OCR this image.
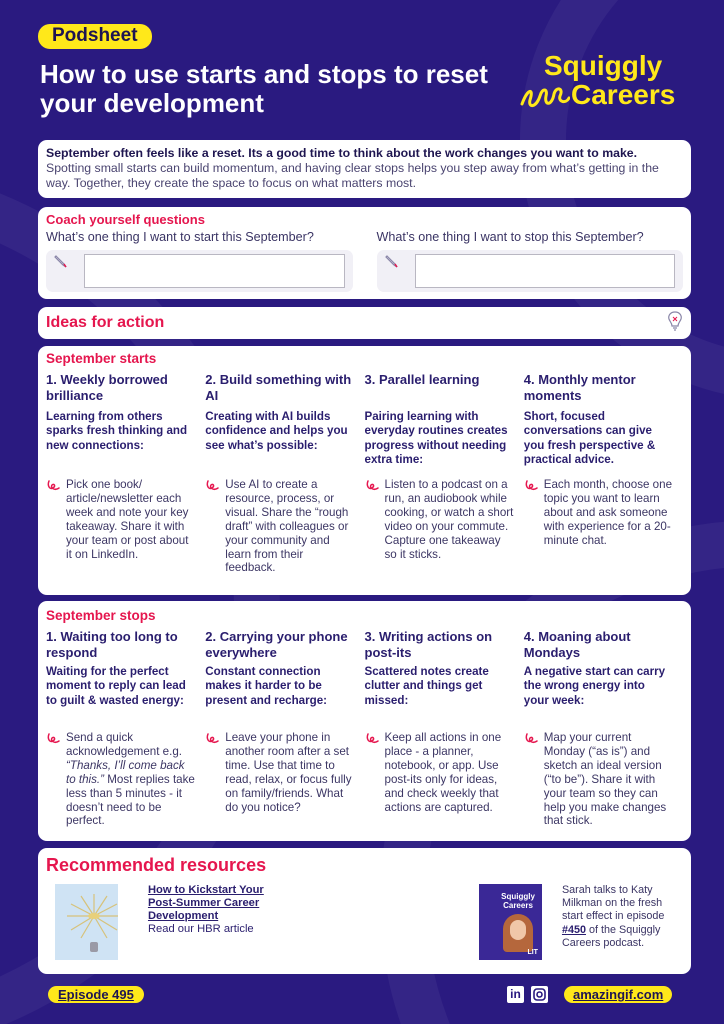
Podsheet
How to use starts and stops to reset your development
Squiggly
Careers

September often feels like a reset. Its a good time to think about the work changes you want to make.

Spotting small starts can build momentum, and having clear stops helps you step away from what’s getting in the way. Together, they create the space to focus on what matters most.

Coach yourself questions
What’s one thing I want to start this September?	What’s one thing I want to stop this September?
Ideas for action
September starts
1. Weekly borrowed brilliance
Learning from others sparks fresh thinking and new connections:
Pick one book/ article/newsletter each week and note your key takeaway. Share it with your team or post about it on LinkedIn.
2. Build something with AI
Creating with AI builds confidence and helps you see what’s possible:
Use AI to create a resource, process, or visual. Share the “rough draft” with colleagues or your community and learn from their feedback.
3. Parallel learning
Pairing learning with everyday routines creates progress without needing extra time:
Listen to a podcast on a run, an audiobook while cooking, or watch a short video on your commute. Capture one takeaway so it sticks.
4. Monthly mentor moments
Short, focused conversations can give you fresh perspective & practical advice.
Each month, choose one topic you want to learn about and ask someone with experience for a 20-minute chat.
September stops
1. Waiting too long to respond
Waiting for the perfect moment to reply can lead to guilt & wasted energy:
Send a quick acknowledgement e.g. “Thanks, I’ll come back to this.” Most replies take less than 5 minutes - it doesn’t need to be perfect.
2. Carrying your phone everywhere
Constant connection makes it harder to be present and recharge:
Leave your phone in another room after a set time. Use that time to read, relax, or focus fully on family/friends. What do you notice?
3. Writing actions on post-its
Scattered notes create clutter and things get missed:
Keep all actions in one place - a planner, notebook, or app. Use post-its only for ideas, and check weekly that actions are captured.
4. Moaning about Mondays
A negative start can carry the wrong energy into your week:
Map your current Monday (“as is”) and sketch an ideal version (“to be”). Share it with your team so they can help you make changes that stick.
Recommended resources
How to Kickstart Your Post-Summer Career Development
Read our HBR article
Squiggly
Careers
LIT
Sarah talks to Katy Milkman on the fresh start effect in episode #450 of the Squiggly Careers podcast.
Episode 495	in	amazingif.com
